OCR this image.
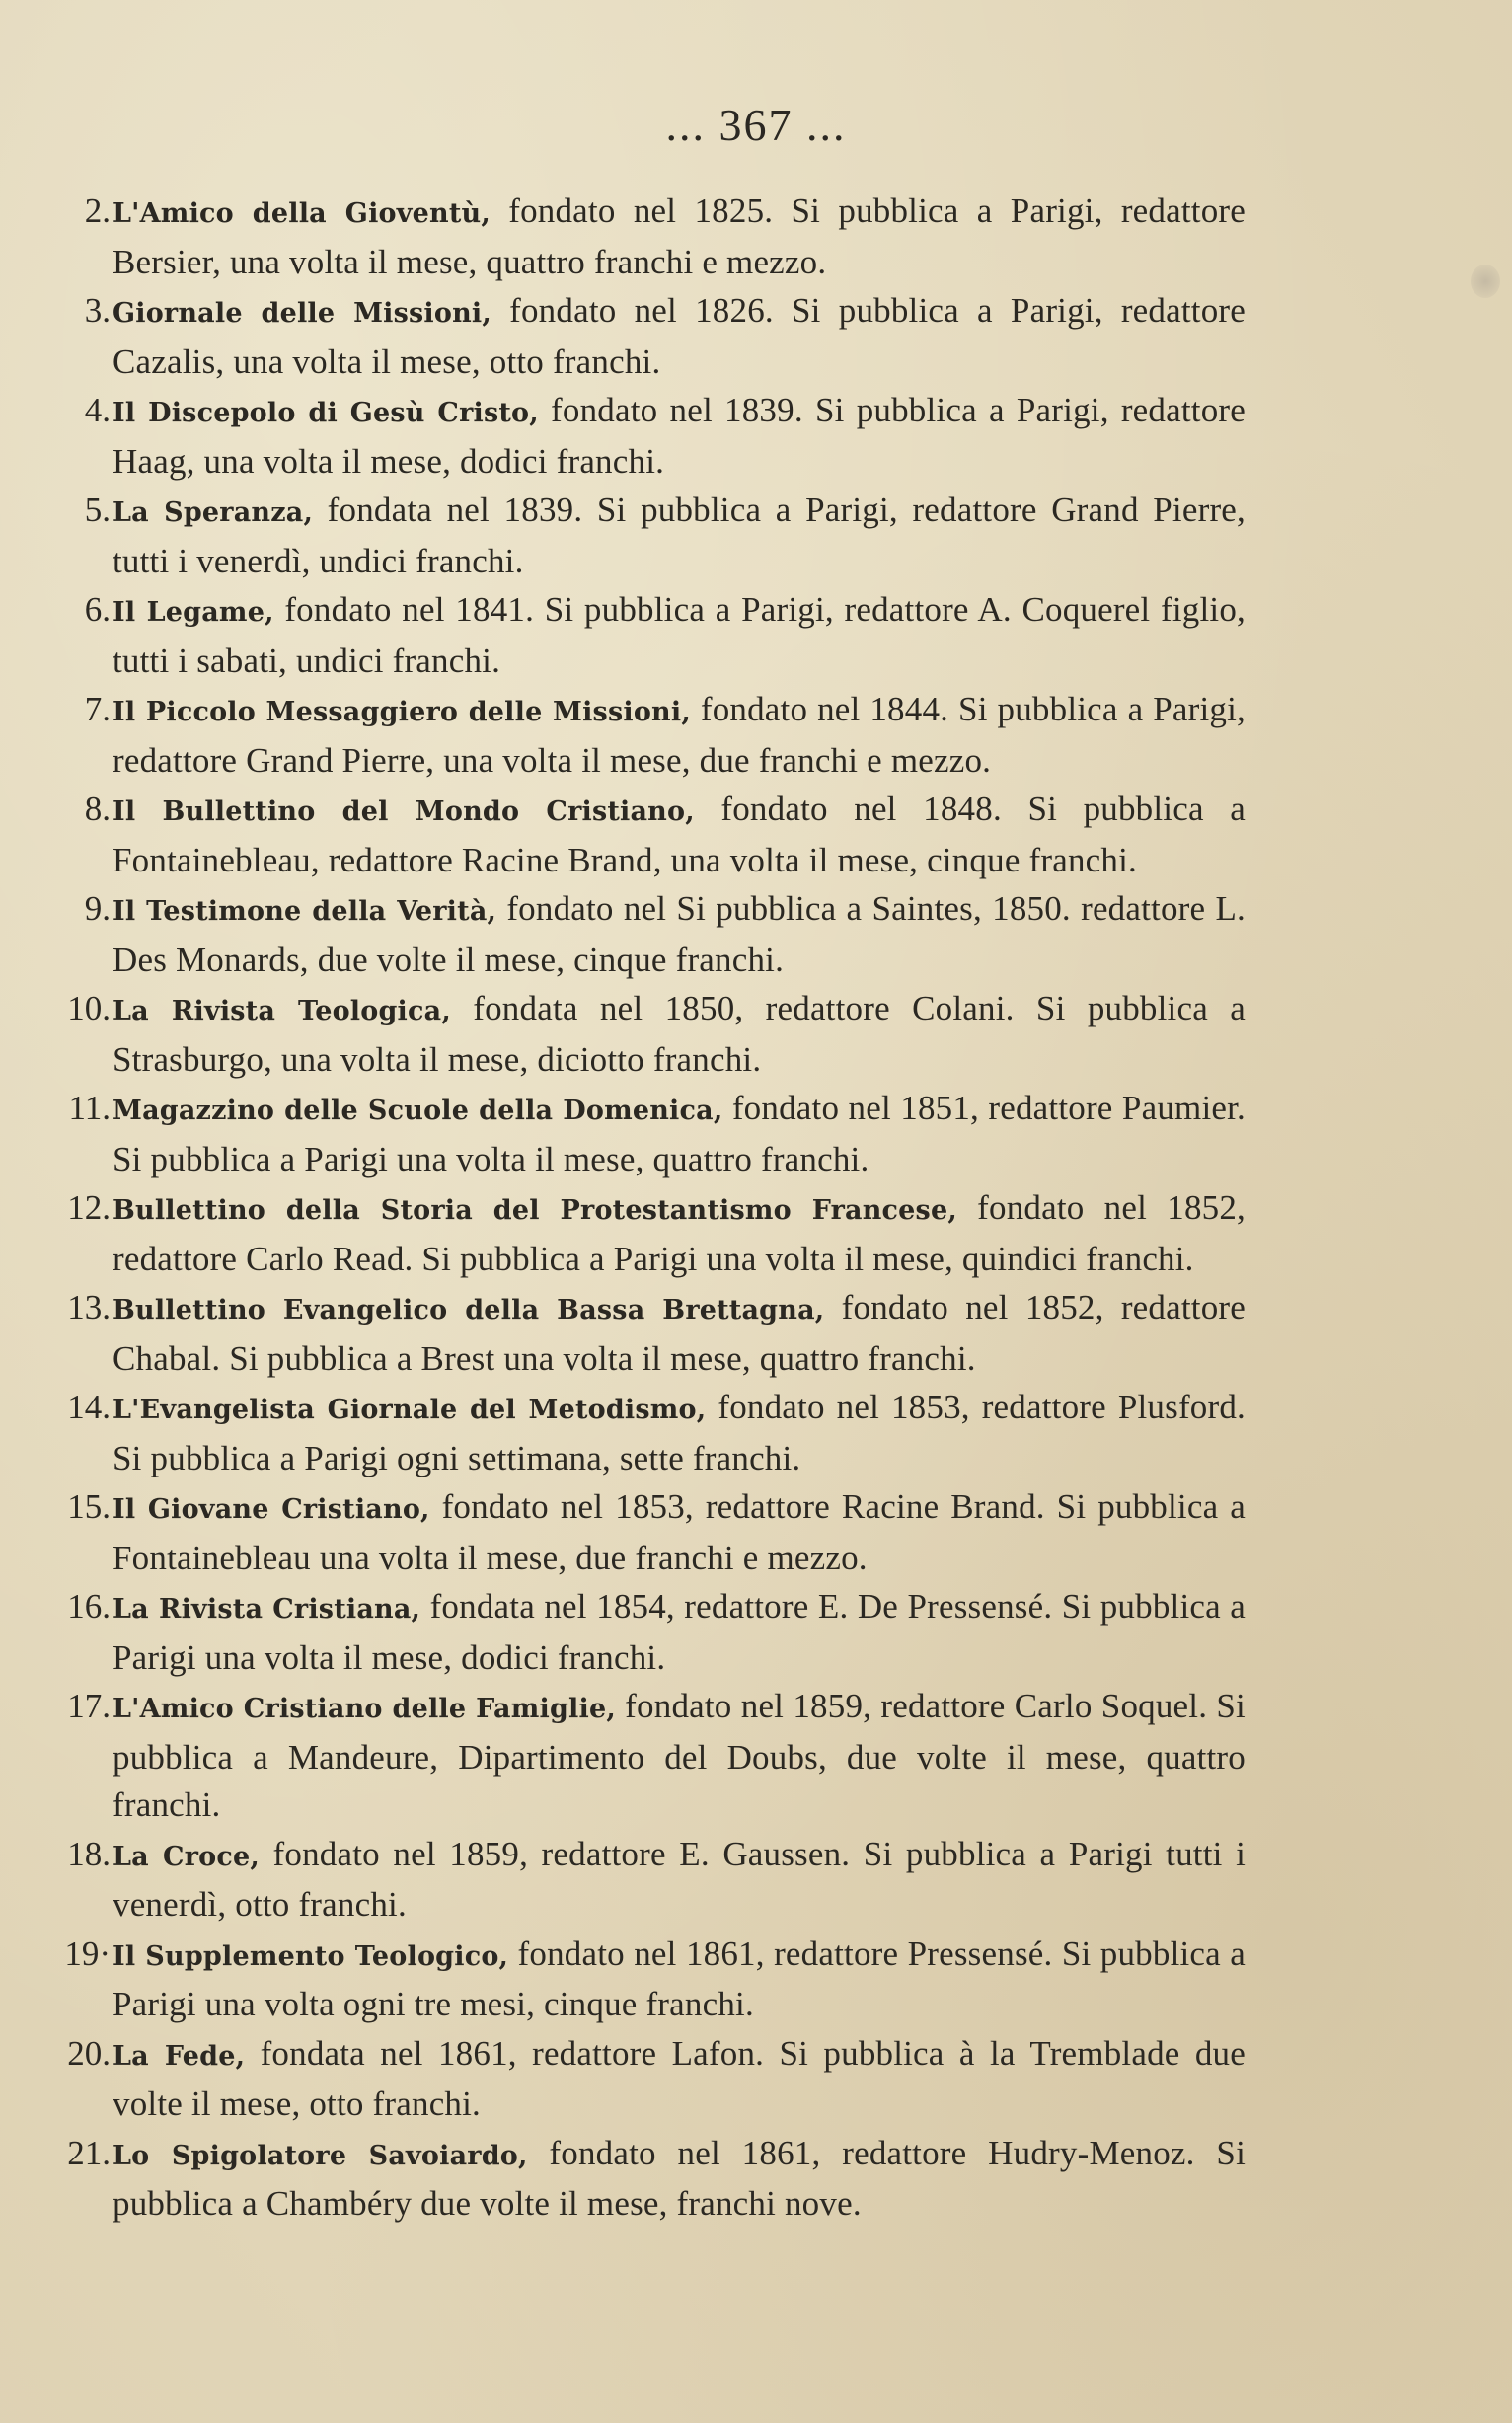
... 367 ...
2. L'Amico della Gioventù, fondato nel 1825. Si pubblica a Parigi, redattore Bersier, una volta il mese, quattro franchi e mezzo.
3. Giornale delle Missioni, fondato nel 1826. Si pubblica a Parigi, redattore Cazalis, una volta il mese, otto franchi.
4. Il Discepolo di Gesù Cristo, fondato nel 1839. Si pubblica a Parigi, redattore Haag, una volta il mese, dodici franchi.
5. La Speranza, fondata nel 1839. Si pubblica a Parigi, redattore Grand Pierre, tutti i venerdì, undici franchi.
6. Il Legame, fondato nel 1841. Si pubblica a Parigi, redattore A. Coquerel figlio, tutti i sabati, undici franchi.
7. Il Piccolo Messaggiero delle Missioni, fondato nel 1844. Si pubblica a Parigi, redattore Grand Pierre, una volta il mese, due franchi e mezzo.
8. Il Bullettino del Mondo Cristiano, fondato nel 1848. Si pubblica a Fontainebleau, redattore Racine Brand, una volta il mese, cinque franchi.
9. Il Testimone della Verità, fondato nel Si pubblica a Saintes, 1850. redattore L. Des Monards, due volte il mese, cinque franchi.
10. La Rivista Teologica, fondata nel 1850, redattore Colani. Si pubblica a Strasburgo, una volta il mese, diciotto franchi.
11. Magazzino delle Scuole della Domenica, fondato nel 1851, redattore Paumier. Si pubblica a Parigi una volta il mese, quattro franchi.
12. Bullettino della Storia del Protestantismo Francese, fondato nel 1852, redattore Carlo Read. Si pubblica a Parigi una volta il mese, quindici franchi.
13. Bullettino Evangelico della Bassa Brettagna, fondato nel 1852, redattore Chabal. Si pubblica a Brest una volta il mese, quattro franchi.
14. L'Evangelista Giornale del Metodismo, fondato nel 1853, redattore Plusford. Si pubblica a Parigi ogni settimana, sette franchi.
15. Il Giovane Cristiano, fondato nel 1853, redattore Racine Brand. Si pubblica a Fontainebleau una volta il mese, due franchi e mezzo.
16. La Rivista Cristiana, fondata nel 1854, redattore E. De Pressensé. Si pubblica a Parigi una volta il mese, dodici franchi.
17. L'Amico Cristiano delle Famiglie, fondato nel 1859, redattore Carlo Soquel. Si pubblica a Mandeure, Dipartimento del Doubs, due volte il mese, quattro franchi.
18. La Croce, fondato nel 1859, redattore E. Gaussen. Si pubblica a Parigi tutti i venerdì, otto franchi.
19· Il Supplemento Teologico, fondato nel 1861, redattore Pressensé. Si pubblica a Parigi una volta ogni tre mesi, cinque franchi.
20. La Fede, fondata nel 1861, redattore Lafon. Si pubblica à la Tremblade due volte il mese, otto franchi.
21. Lo Spigolatore Savoiardo, fondato nel 1861, redattore Hudry-Menoz. Si pubblica a Chambéry due volte il mese, franchi nove.
